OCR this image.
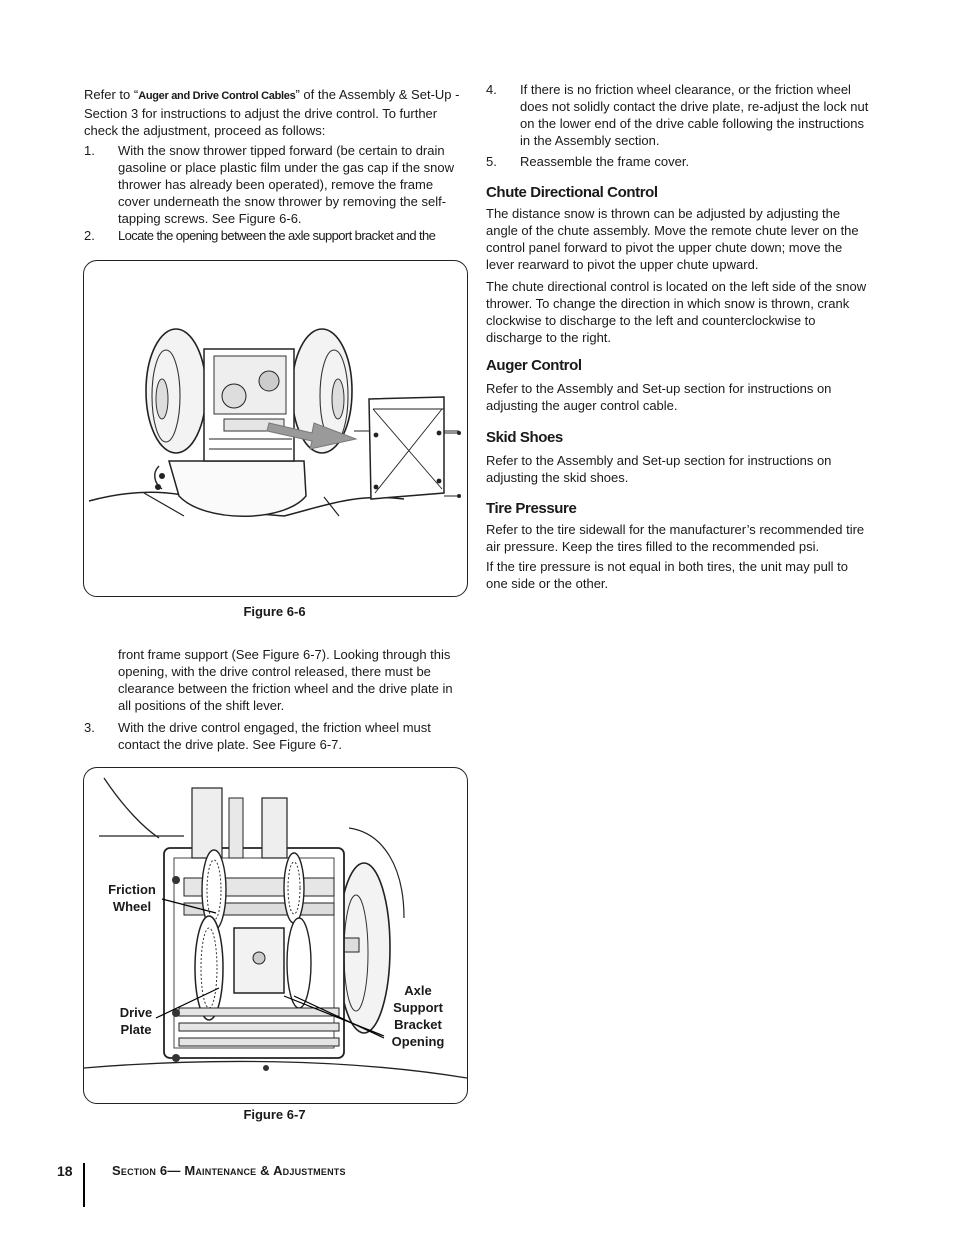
Refer to “Auger and Drive Control Cables” of the Assembly & Set-Up - Section 3 for instructions to adjust the drive control. To further check the adjustment, proceed as follows:
1.	With the snow thrower tipped forward (be certain to drain gasoline or place plastic film under the gas cap if the snow thrower has already been operated), remove the frame cover underneath the snow thrower by removing the self-tapping screws. See Figure 6-6.
2.	Locate the opening between the axle support bracket and the
Figure 6-6
front frame support (See Figure 6-7). Looking through this opening, with the drive control released, there must be clearance between the friction wheel and the drive plate in all positions of the shift lever.
3.	With the drive control engaged, the friction wheel must contact the drive plate. See Figure 6-7.
Friction
Wheel
Drive
Plate
Axle
Support
Bracket
Opening
Figure 6-7
4.	If there is no friction wheel clearance, or the friction wheel does not solidly contact the drive plate, re-adjust the lock nut on the lower end of the drive cable following the instructions in the Assembly section.
5.	Reassemble the frame cover.
Chute Directional Control
The distance snow is thrown can be adjusted by adjusting the angle of the chute assembly. Move the remote chute lever on the control panel forward to pivot the upper chute down; move the lever rearward to pivot the upper chute upward.
The chute directional control is located on the left side of the snow thrower. To change the direction in which snow is thrown, crank clockwise to discharge to the left and counterclockwise to discharge to the right.
Auger Control
Refer to the Assembly and Set-up section for instructions on adjusting the auger control cable.
Skid Shoes
Refer to the Assembly and Set-up section for instructions on adjusting the skid shoes.
Tire Pressure
Refer to the tire sidewall for the manufacturer’s recommended tire air pressure. Keep the tires filled to the recommended psi.
If the tire pressure is not equal in both tires, the unit may pull to one side or the other.
18	Section 6— Maintenance & Adjustments
